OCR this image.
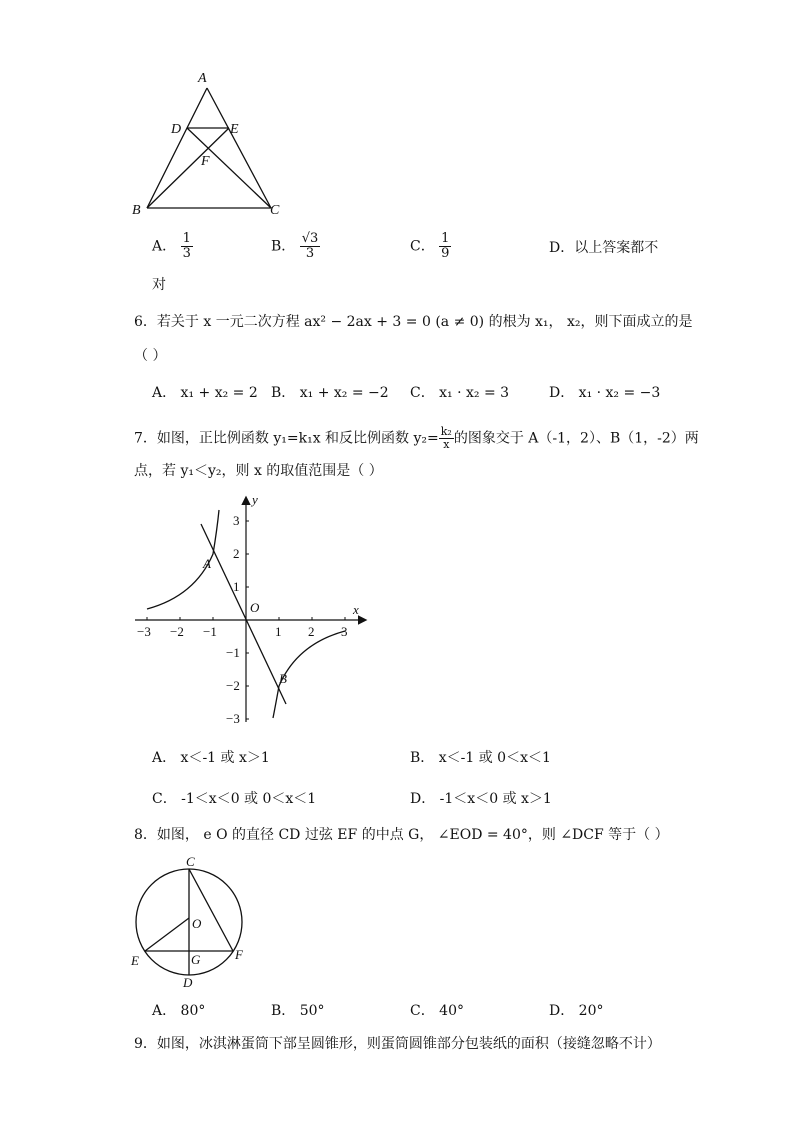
A
B	C
D	E
F
A． $\frac{1}{3}$	B． $\frac{√3}{3}$	C． $\frac{1}{9}$	D．以上答案都不
对
6．若关于 x 一元二次方程 ax² − 2ax + 3 = 0 (a ≠ 0) 的根为 x₁， x₂，则下面成立的是
（ ）
A． x₁ + x₂ = 2 B． x₁ + x₂ = −2 C． x₁ · x₂ = 3	D． x₁ · x₂ = −3
7．如图，正比例函数 y₁=k₁x 和反比例函数 $y_2= \frac{\text{k₂}}{x}$ 的图象交于 A（-1，2）、B（1，-2）两
点，若 y₁＜y₂，则 x 的取值范围是（ ）
x
y
O
A
B
−3 −2 −1	1 2 3
3
2
1
−1
−2
−3
A． x＜-1 或 x＞1	B． x＜-1 或 0＜x＜1
C． -1＜x＜0 或 0＜x＜1	D． -1＜x＜0 或 x＞1
8．如图， e O 的直径 CD 过弦 EF 的中点 G， ∠EOD = 40°，则 ∠DCF 等于（ ）
C
O
E	G	F
D
A． 80°	B． 50°	C． 40°	D． 20°
9．如图，冰淇淋蛋筒下部呈圆锥形，则蛋筒圆锥部分包装纸的面积（接缝忽略不计）
